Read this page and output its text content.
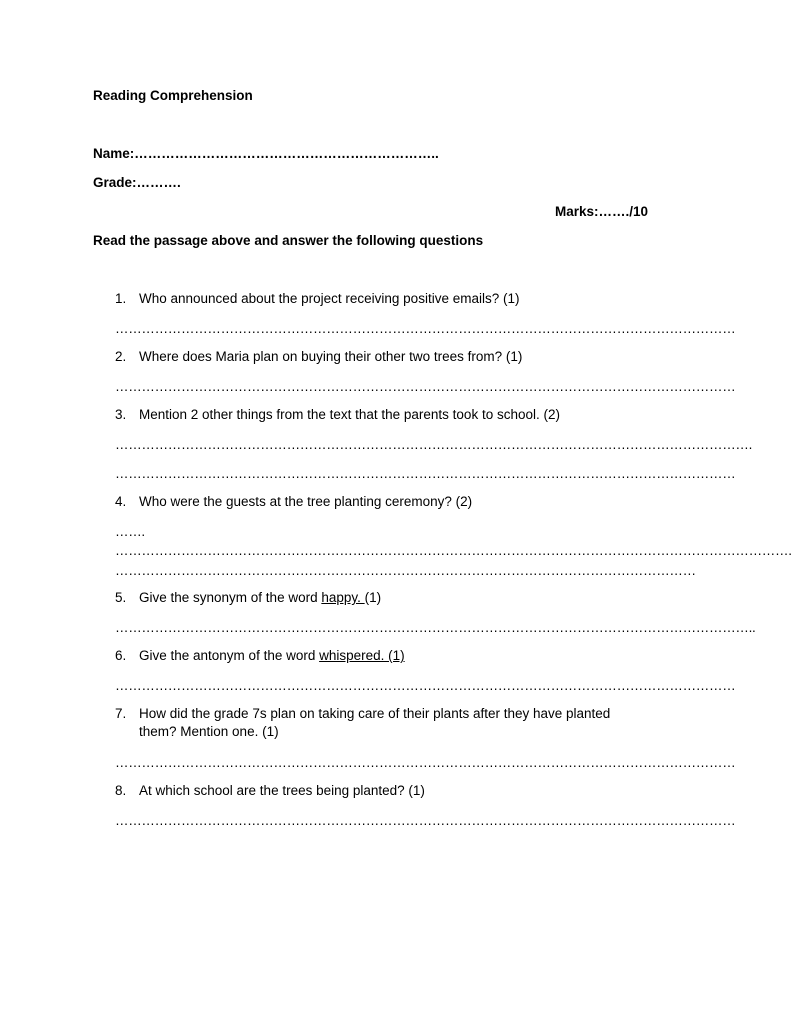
Reading Comprehension
Name:…………………………………………………………..
Grade:……….
Marks:……./10
Read the passage above and answer the following questions
1. Who announced about the project receiving positive emails? (1)
……………………………………………………………………………………………………………………………
2. Where does Maria plan on buying their other two trees from? (1)
……………………………………………………………………………………………………………………………
3. Mention 2 other things from the text that the parents took to school. (2)
……………………………………………………………………………………………………………………………….
……………………………………………………………………………………………………………………………
4. Who were the guests at the tree planting ceremony? (2)
…….
……………………………………………………………………………………………………………………………………….
……………………………………………………………………………………………………………………
5. Give the synonym of the word happy. (1)
………………………………………………………………………………………………………………………………..
6. Give the antonym of the word whispered. (1)
……………………………………………………………………………………………………………………………
7. How did the grade 7s plan on taking care of their plants after they have planted them? Mention one. (1)
……………………………………………………………………………………………………………………………
8. At which school are the trees being planted? (1)
……………………………………………………………………………………………………………………………
